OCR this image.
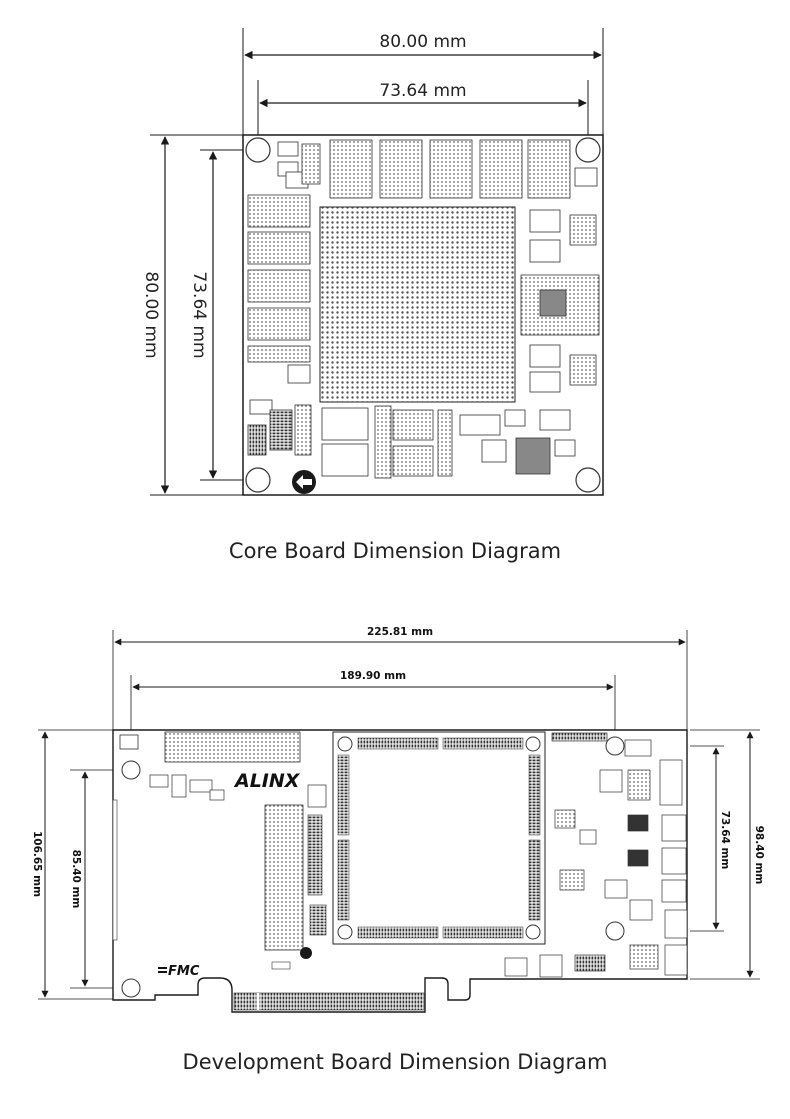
80.00 mm
73.64 mm
80.00 mm 73.64 mm
225.81 mm
189.90 mm
106.65 mm	85.40 mm	98.40 mm
73.64 mm
ALINX
FMC
Core Board Dimension Diagram
Development Board Dimension Diagram
